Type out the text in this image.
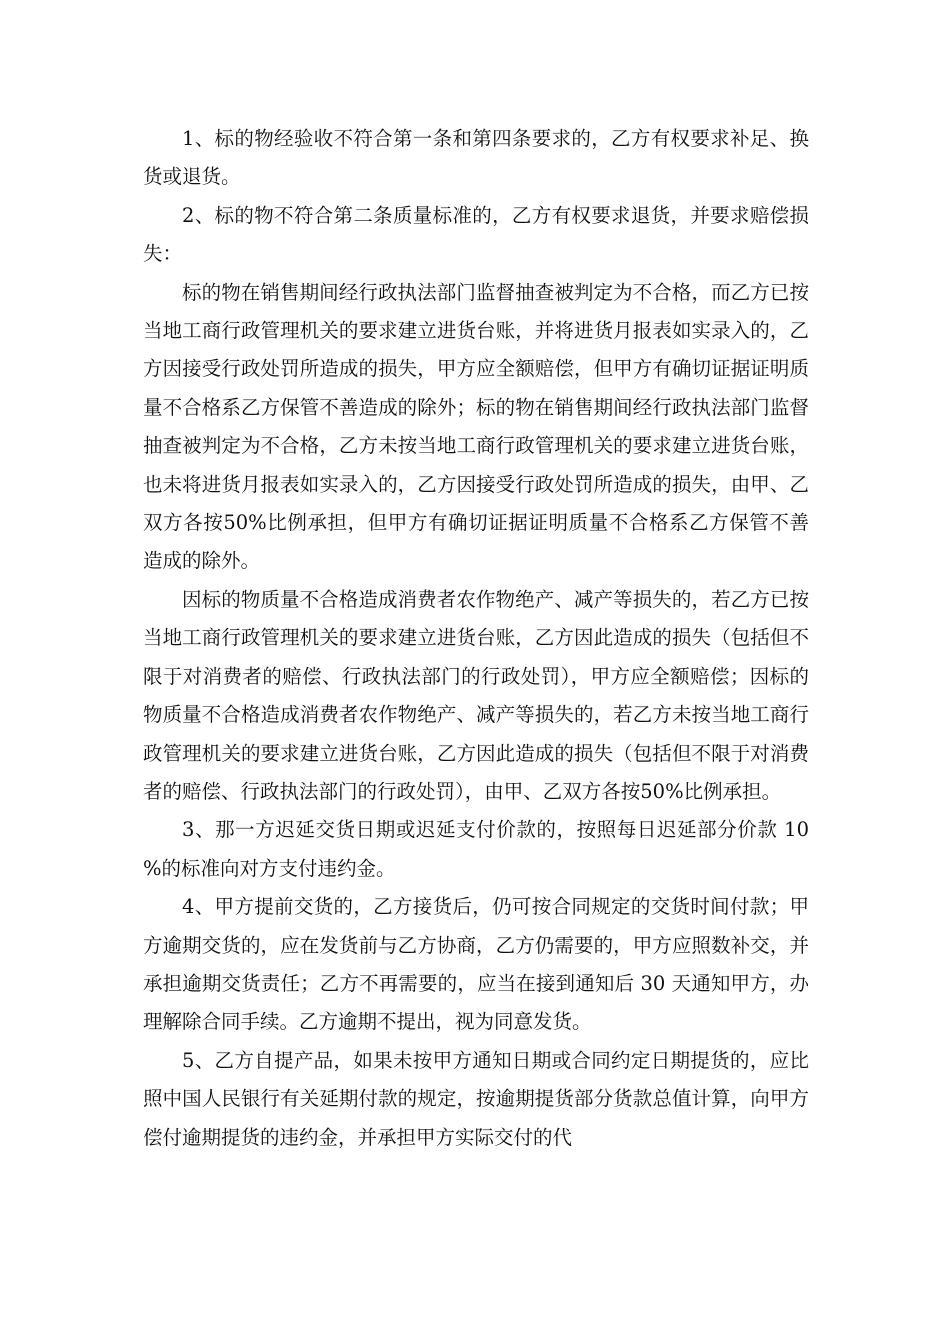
1、标的物经验收不符合第一条和第四条要求的，乙方有权要求补足、换货或退货。

2、标的物不符合第二条质量标准的，乙方有权要求退货，并要求赔偿损失：

标的物在销售期间经行政执法部门监督抽查被判定为不合格，而乙方已按当地工商行政管理机关的要求建立进货台账，并将进货月报表如实录入的，乙方因接受行政处罚所造成的损失，甲方应全额赔偿，但甲方有确切证据证明质量不合格系乙方保管不善造成的除外；标的物在销售期间经行政执法部门监督抽查被判定为不合格，乙方未按当地工商行政管理机关的要求建立进货台账，也未将进货月报表如实录入的，乙方因接受行政处罚所造成的损失，由甲、乙双方各按50%比例承担，但甲方有确切证据证明质量不合格系乙方保管不善造成的除外。

因标的物质量不合格造成消费者农作物绝产、减产等损失的，若乙方已按当地工商行政管理机关的要求建立进货台账，乙方因此造成的损失（包括但不限于对消费者的赔偿、行政执法部门的行政处罚），甲方应全额赔偿；因标的物质量不合格造成消费者农作物绝产、减产等损失的，若乙方未按当地工商行政管理机关的要求建立进货台账，乙方因此造成的损失（包括但不限于对消费者的赔偿、行政执法部门的行政处罚），由甲、乙双方各按50%比例承担。

3、那一方迟延交货日期或迟延支付价款的，按照每日迟延部分价款 10 %的标准向对方支付违约金。

4、甲方提前交货的，乙方接货后，仍可按合同规定的交货时间付款；甲方逾期交货的，应在发货前与乙方协商，乙方仍需要的，甲方应照数补交，并承担逾期交货责任；乙方不再需要的，应当在接到通知后 30 天通知甲方，办理解除合同手续。乙方逾期不提出，视为同意发货。

5、乙方自提产品，如果未按甲方通知日期或合同约定日期提货的，应比照中国人民银行有关延期付款的规定，按逾期提货部分货款总值计算，向甲方偿付逾期提货的违约金，并承担甲方实际交付的代
